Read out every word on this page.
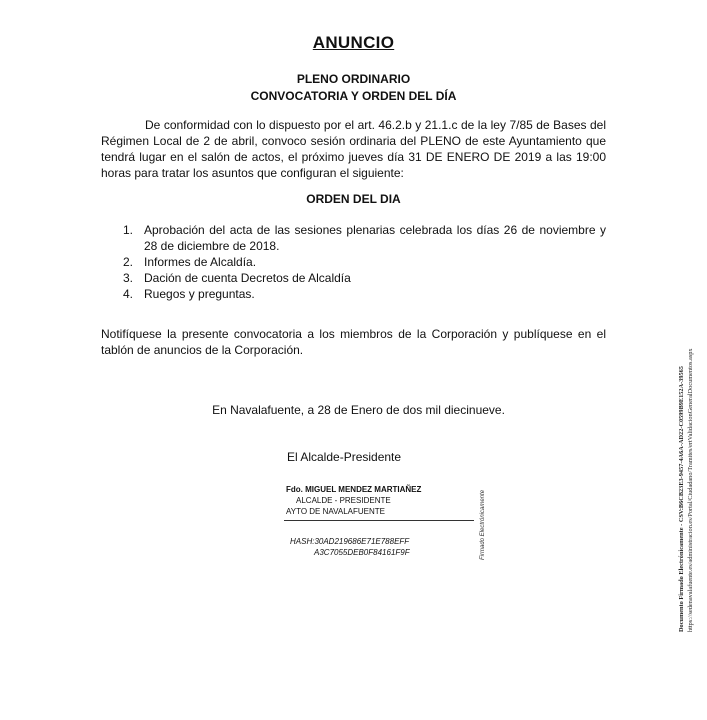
ANUNCIO
PLENO ORDINARIO
CONVOCATORIA Y ORDEN DEL DÍA
De conformidad con lo dispuesto por el art. 46.2.b y 21.1.c de la ley 7/85 de Bases del Régimen Local de 2 de abril, convoco sesión ordinaria del PLENO de este Ayuntamiento que tendrá lugar en el salón de actos, el próximo jueves día 31 DE ENERO DE 2019 a las 19:00 horas para tratar los asuntos que configuran el siguiente:
ORDEN DEL DIA
1. Aprobación del acta de las sesiones plenarias celebrada los días 26 de noviembre y 28 de diciembre de 2018.
2. Informes de Alcaldía.
3. Dación de cuenta Decretos de Alcaldía
4. Ruegos y preguntas.
Notifíquese la presente convocatoria a los miembros de la Corporación y publíquese en el tablón de anuncios de la Corporación.
En Navalafuente, a 28 de Enero de dos mil diecinueve.
El Alcalde-Presidente
Fdo. MIGUEL MENDEZ MARTIAÑEZ
ALCALDE - PRESIDENTE
AYTO DE NAVALAFUENTE
HASH:30AD219686E71E788EFF
A3C7055DEB0F84161F9F	Firmado Electrónicamente	Documento Firmado Electrónicamente - CSV:B6CB23E3-9457-4A6A-AD22-C0599B9E152A-39565 https://sedenavalafuente.es/administracion.es/Portal/Ciudadano/Tramites/ertValidacionGeneralDocumentos.aspx
